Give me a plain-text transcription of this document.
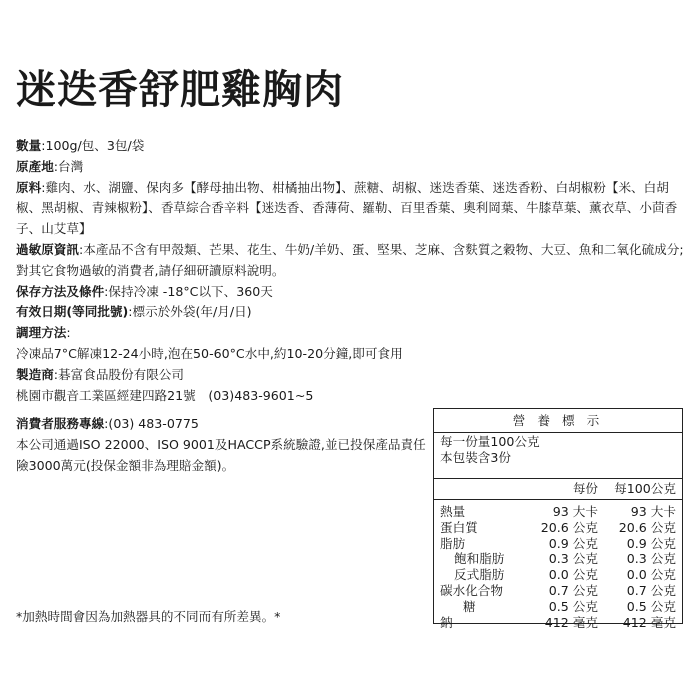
迷迭香舒肥雞胸肉
數量:100g/包、3包/袋
原產地:台灣
原料:雞肉、水、湖鹽、保肉多【酵母抽出物、柑橘抽出物】、蔗糖、胡椒、迷迭香葉、迷迭香粉、白胡椒粉【米、白胡椒、黑胡椒、青辣椒粉】、香草綜合香辛料【迷迭香、香薄荷、羅勒、百里香葉、奧利岡葉、牛膝草葉、薰衣草、小茴香子、山艾草】
過敏原資訊:本產品不含有甲殼類、芒果、花生、牛奶/羊奶、蛋、堅果、芝麻、含麩質之穀物、大豆、魚和二氧化硫成分;對其它食物過敏的消費者,請仔細研讀原料說明。
保存方法及條件:保持冷凍 -18°C以下、360天
有效日期(等同批號):標示於外袋(年/月/日)
調理方法:
冷凍品7°C解凍12-24小時,泡在50-60°C水中,約10-20分鐘,即可食用
製造商:碁富食品股份有限公司
桃園市觀音工業區經建四路21號　(03)483-9601~5
消費者服務專線:(03) 483-0775
本公司通過ISO 22000、ISO 9001及HACCP系統驗證,並已投保產品責任險3000萬元(投保金額非為理賠金額)。
*加熱時間會因為加熱器具的不同而有所差異。*
營 養 標 示
每一份量100公克
本包裝含3份
每份 每100公克
熱量	93 大卡	93 大卡
蛋白質	20.6 公克 20.6 公克
脂肪	0.9 公克 0.9 公克
飽和脂肪	0.3 公克 0.3 公克
反式脂肪	0.0 公克 0.0 公克
碳水化合物	0.7 公克 0.7 公克
糖	0.5 公克 0.5 公克
鈉	412 毫克 412 毫克
